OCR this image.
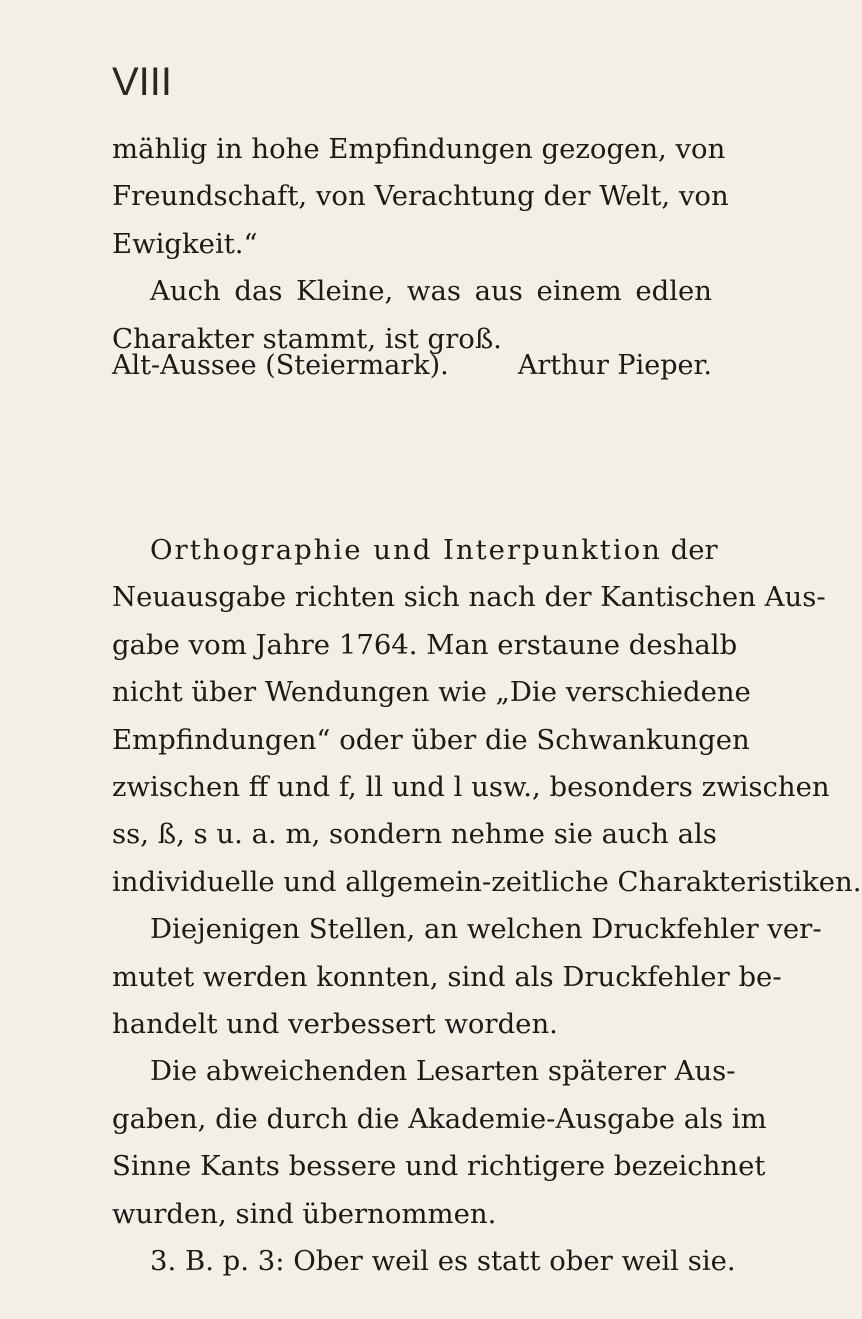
VIII
mählig in hohe Empfindungen gezogen, von
Freundschaft, von Verachtung der Welt, von
Ewigkeit.“
Auch das Kleine, was aus einem edlen
Charakter stammt, ist groß.
Alt-Aussee (Steiermark).	Arthur Pieper.
Orthographie und Interpunktion der
Neuausgabe richten sich nach der Kantischen Aus-
gabe vom Jahre 1764. Man erstaune deshalb
nicht über Wendungen wie „Die verschiedene
Empfindungen“ oder über die Schwankungen
zwischen ff und f, ll und l usw., besonders zwischen
ss, ß, s u. a. m, sondern nehme sie auch als
individuelle und allgemein-zeitliche Charakteristiken.
Diejenigen Stellen, an welchen Druckfehler ver-
mutet werden konnten, sind als Druckfehler be-
handelt und verbessert worden.
Die abweichenden Lesarten späterer Aus-
gaben, die durch die Akademie-Ausgabe als im
Sinne Kants bessere und richtigere bezeichnet
wurden, sind übernommen.
3. B. p. 3: Ober weil es statt ober weil sie.
